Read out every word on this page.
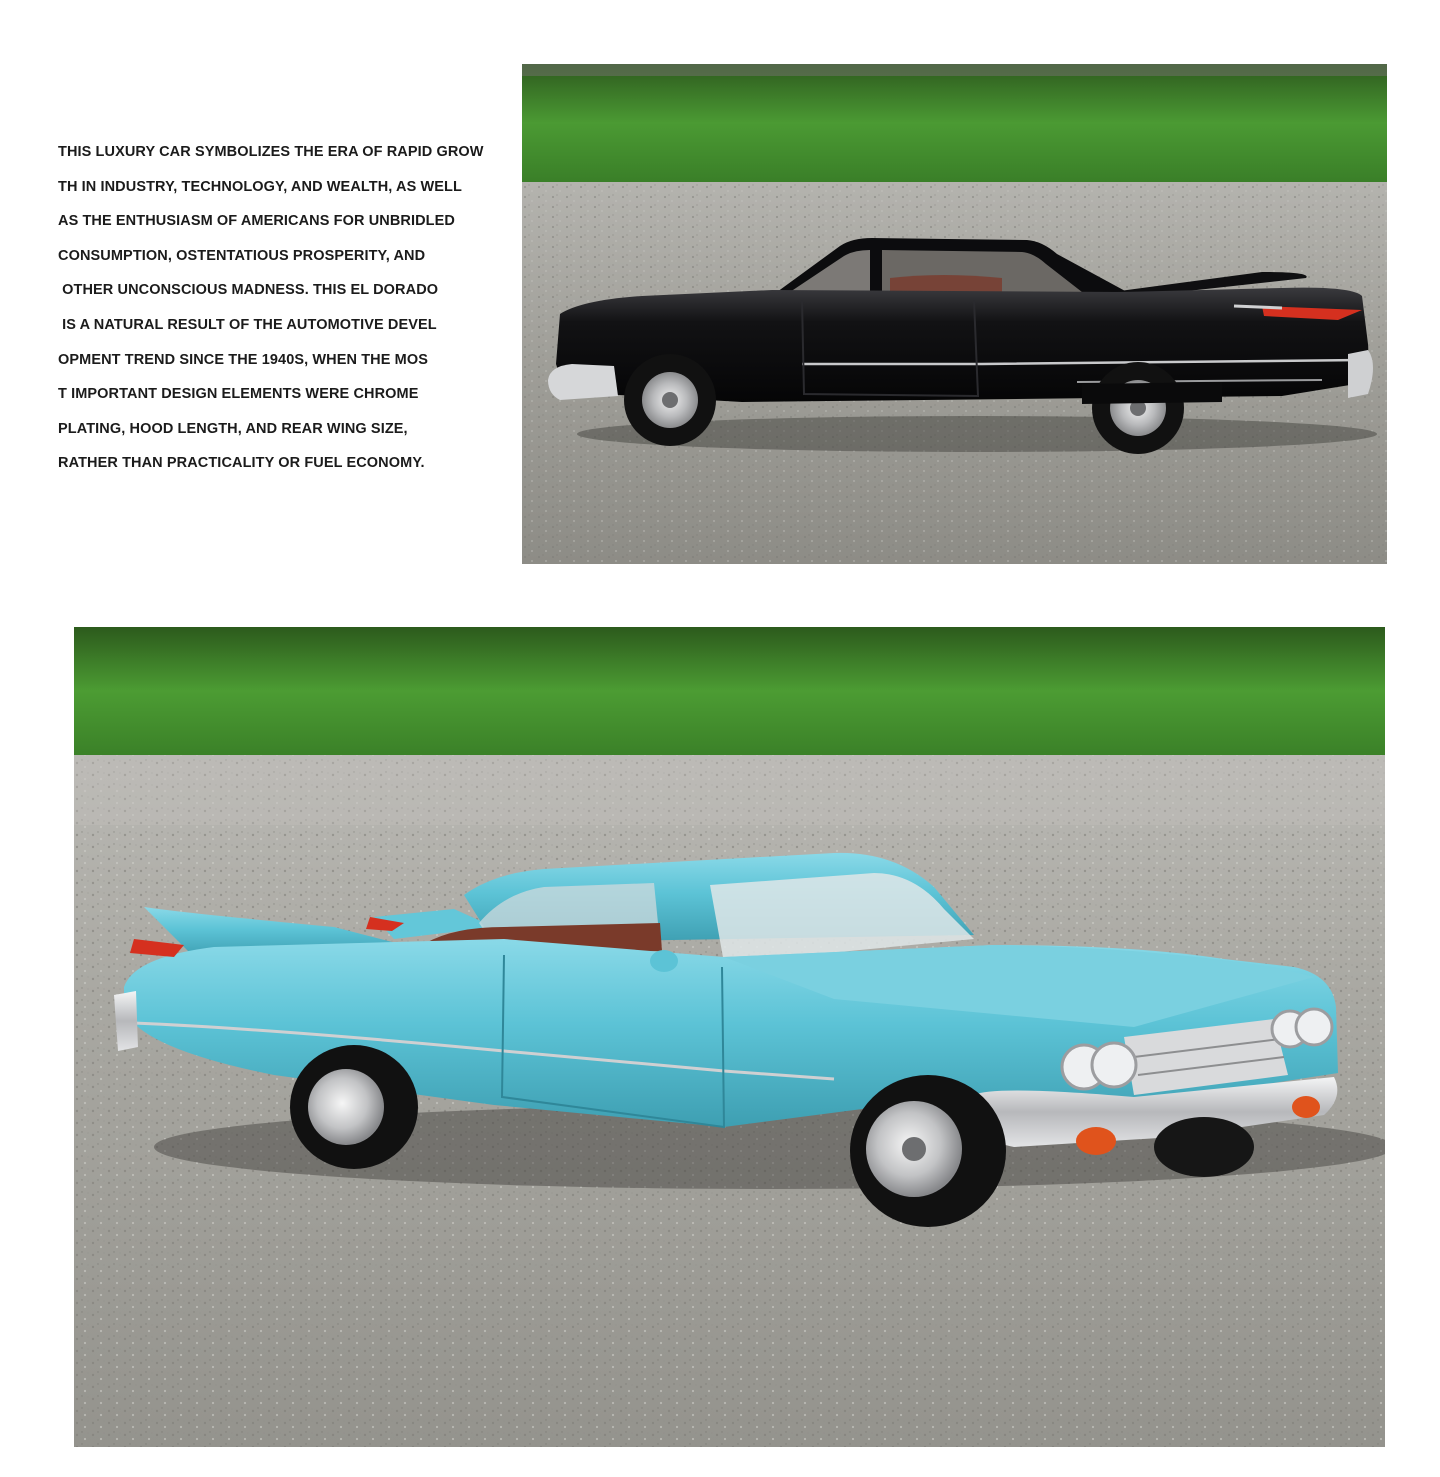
THIS LUXURY CAR SYMBOLIZES THE ERA OF RAPID GROW
TH IN INDUSTRY, TECHNOLOGY, AND WEALTH, AS WELL
AS THE ENTHUSIASM OF AMERICANS FOR UNBRIDLED
CONSUMPTION, OSTENTATIOUS PROSPERITY, AND
OTHER UNCONSCIOUS MADNESS. THIS EL DORADO
IS A NATURAL RESULT OF THE AUTOMOTIVE DEVEL
OPMENT TREND SINCE THE 1940S, WHEN THE MOS
T IMPORTANT DESIGN ELEMENTS WERE CHROME
PLATING, HOOD LENGTH, AND REAR WING SIZE,
RATHER THAN PRACTICALITY OR FUEL ECONOMY.
